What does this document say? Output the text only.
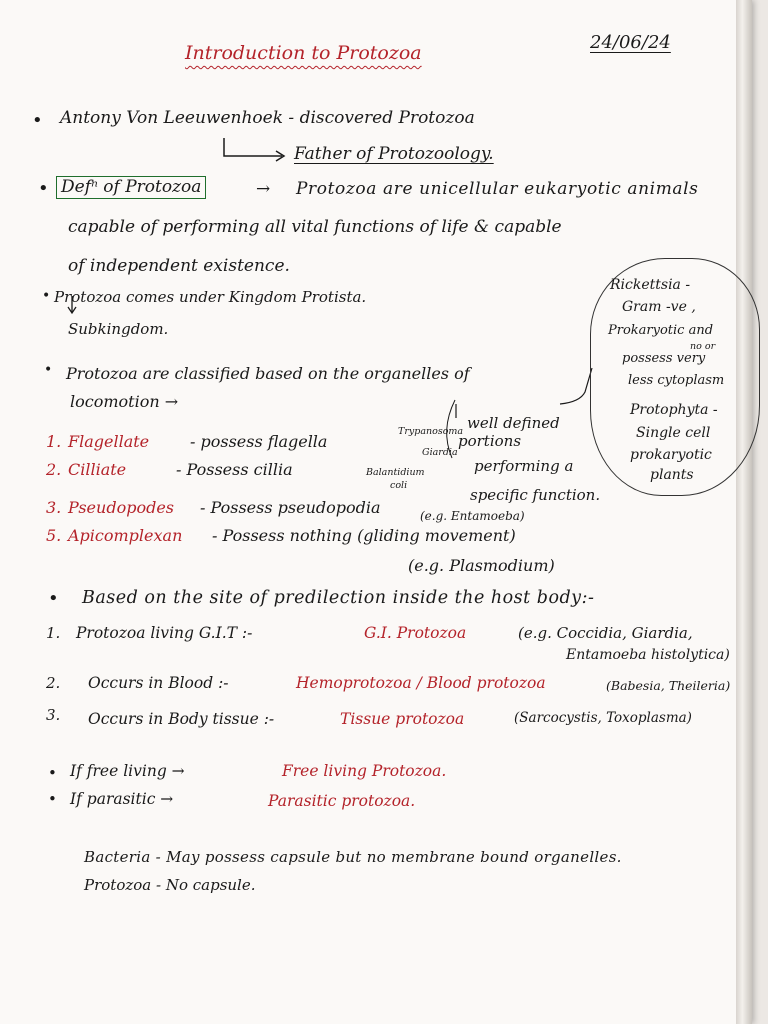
Introduction to Protozoa	24/06/24
• Antony Von Leeuwenhoek - discovered Protozoa
Father of Protozoology.
• Defⁿ of Protozoa	→ Protozoa are unicellular eukaryotic animals
capable of performing all vital functions of life & capable
of independent existence.
• Protozoa comes under Kingdom Protista.
Subkingdom.
Rickettsia -
Gram -ve ,
Prokaryotic and
no or
possess very
less cytoplasm
Protophyta -
Single cell
prokaryotic
plants
• Protozoa are classified based on the organelles of
locomotion →
well defined
portions
performing a
specific function.
1. Flagellate	- possess flagella
Trypanosoma
Giardia
2. Cilliate	- Possess cillia	Balantidium
coli
3. Pseudopodes - Possess pseudopodia	(e.g. Entamoeba)
5. Apicomplexan - Possess nothing (gliding movement)
(e.g. Plasmodium)
• Based on the site of predilection inside the host body:-
1. Protozoa living G.I.T :-	G.I. Protozoa	(e.g. Coccidia, Giardia,
Entamoeba histolytica)
2. Occurs in Blood :-	Hemoprotozoa / Blood protozoa	(Babesia, Theileria)
3. Occurs in Body tissue :-	Tissue protozoa	(Sarcocystis, Toxoplasma)
• If free living →	Free living Protozoa.
• If parasitic →	Parasitic protozoa.
Bacteria - May possess capsule but no membrane bound organelles.
Protozoa - No capsule.
